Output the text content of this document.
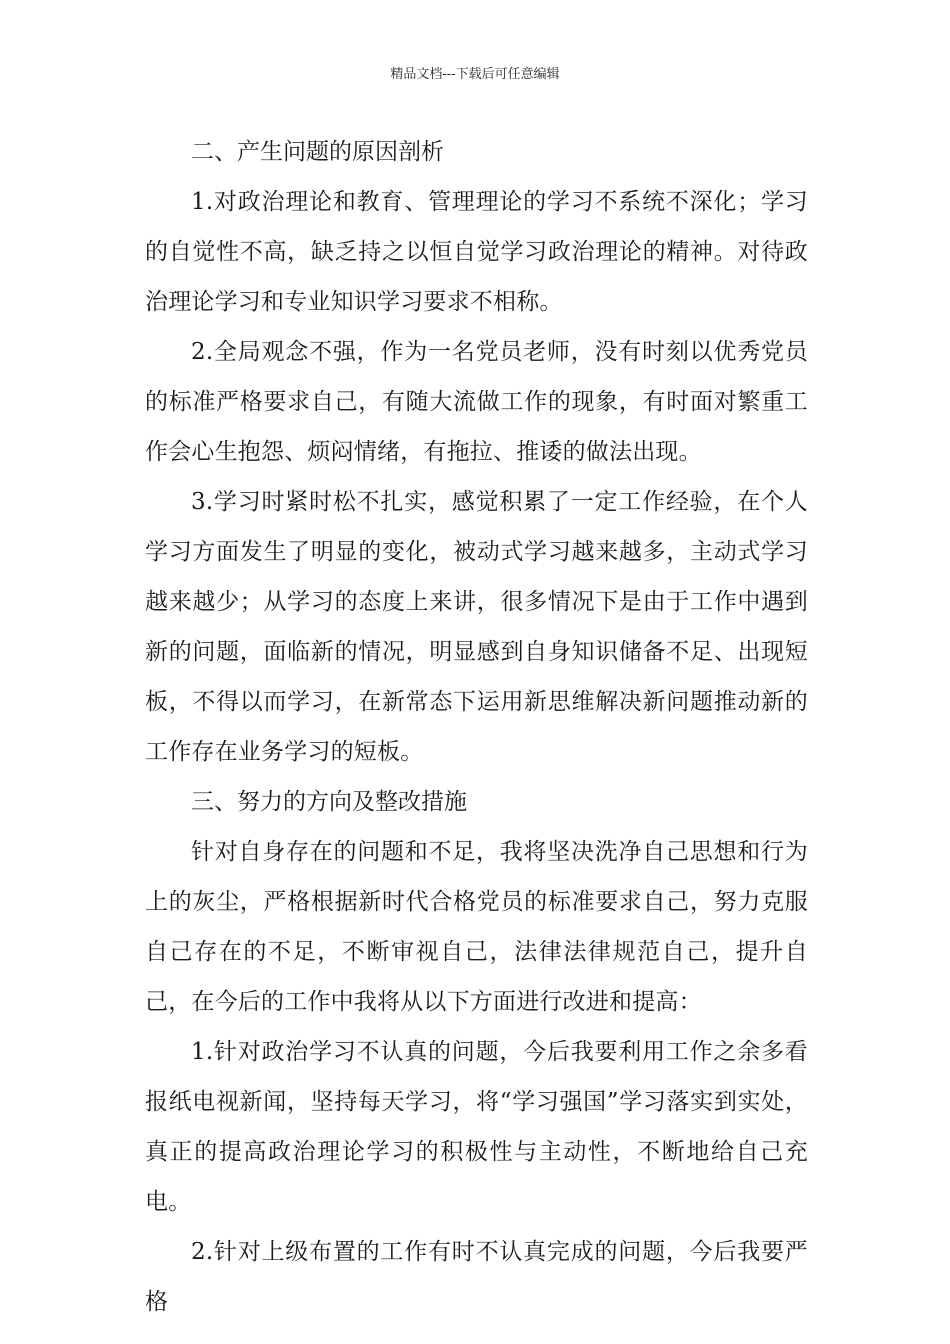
精品文档---下载后可任意编辑
二、产生问题的原因剖析

1.对政治理论和教育、管理理论的学习不系统不深化；学习的自觉性不高，缺乏持之以恒自觉学习政治理论的精神。对待政治理论学习和专业知识学习要求不相称。

2.全局观念不强，作为一名党员老师，没有时刻以优秀党员的标准严格要求自己，有随大流做工作的现象，有时面对繁重工作会心生抱怨、烦闷情绪，有拖拉、推诿的做法出现。

3.学习时紧时松不扎实，感觉积累了一定工作经验，在个人学习方面发生了明显的变化，被动式学习越来越多，主动式学习越来越少；从学习的态度上来讲，很多情况下是由于工作中遇到新的问题，面临新的情况，明显感到自身知识储备不足、出现短板，不得以而学习，在新常态下运用新思维解决新问题推动新的工作存在业务学习的短板。

三、努力的方向及整改措施

针对自身存在的问题和不足，我将坚决洗净自己思想和行为上的灰尘，严格根据新时代合格党员的标准要求自己，努力克服自己存在的不足，不断审视自己，法律法律规范自己，提升自己，在今后的工作中我将从以下方面进行改进和提高：

1.针对政治学习不认真的问题，今后我要利用工作之余多看报纸电视新闻，坚持每天学习，将“学习强国”学习落实到实处，真正的提高政治理论学习的积极性与主动性，不断地给自己充电。

2.针对上级布置的工作有时不认真完成的问题，今后我要严格
